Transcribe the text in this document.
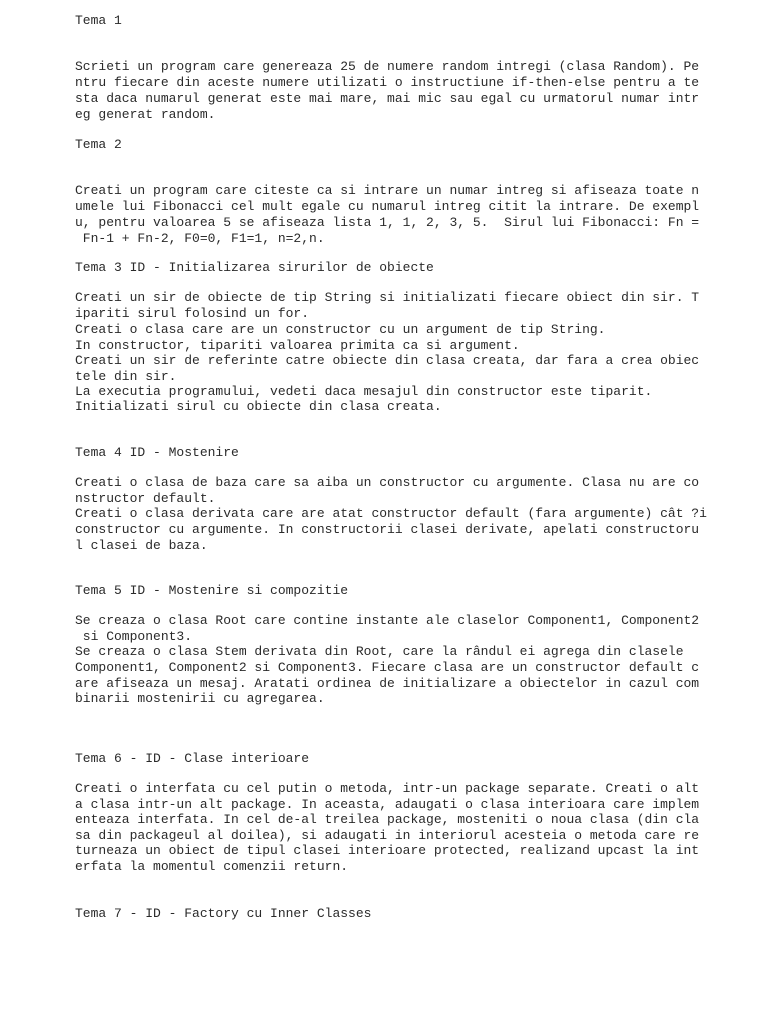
Tema 1

Scrieti un program care genereaza 25 de numere random intregi (clasa Random). Pe

ntru fiecare din aceste numere utilizati o instructiune if-then-else pentru a te

sta daca numarul generat este mai mare, mai mic sau egal cu urmatorul numar intr

eg generat random.

Tema 2

Creati un program care citeste ca si intrare un numar intreg si afiseaza toate n

umele lui Fibonacci cel mult egale cu numarul intreg citit la intrare. De exempl

u, pentru valoarea 5 se afiseaza lista 1, 1, 2, 3, 5.  Sirul lui Fibonacci: Fn =

Fn-1 + Fn-2, F0=0, F1=1, n=2,n.

Tema 3 ID - Initializarea sirurilor de obiecte

Creati un sir de obiecte de tip String si initializati fiecare obiect din sir. T

ipariti sirul folosind un for.

Creati o clasa care are un constructor cu un argument de tip String.

In constructor, tipariti valoarea primita ca si argument.

Creati un sir de referinte catre obiecte din clasa creata, dar fara a crea obiec

tele din sir.

La executia programului, vedeti daca mesajul din constructor este tiparit.

Initializati sirul cu obiecte din clasa creata.

Tema 4 ID - Mostenire

Creati o clasa de baza care sa aiba un constructor cu argumente. Clasa nu are co

nstructor default.

Creati o clasa derivata care are atat constructor default (fara argumente) cât ?i

constructor cu argumente. In constructorii clasei derivate, apelati constructoru

l clasei de baza.

Tema 5 ID - Mostenire si compozitie

Se creaza o clasa Root care contine instante ale claselor Component1, Component2

si Component3.

Se creaza o clasa Stem derivata din Root, care la rândul ei agrega din clasele

Component1, Component2 si Component3. Fiecare clasa are un constructor default c

are afiseaza un mesaj. Aratati ordinea de initializare a obiectelor in cazul com

binarii mostenirii cu agregarea.

Tema 6 - ID - Clase interioare

Creati o interfata cu cel putin o metoda, intr-un package separate. Creati o alt

a clasa intr-un alt package. In aceasta, adaugati o clasa interioara care implem

enteaza interfata. In cel de-al treilea package, mosteniti o noua clasa (din cla

sa din packageul al doilea), si adaugati in interiorul acesteia o metoda care re

turneaza un obiect de tipul clasei interioare protected, realizand upcast la int

erfata la momentul comenzii return.

Tema 7 - ID - Factory cu Inner Classes
